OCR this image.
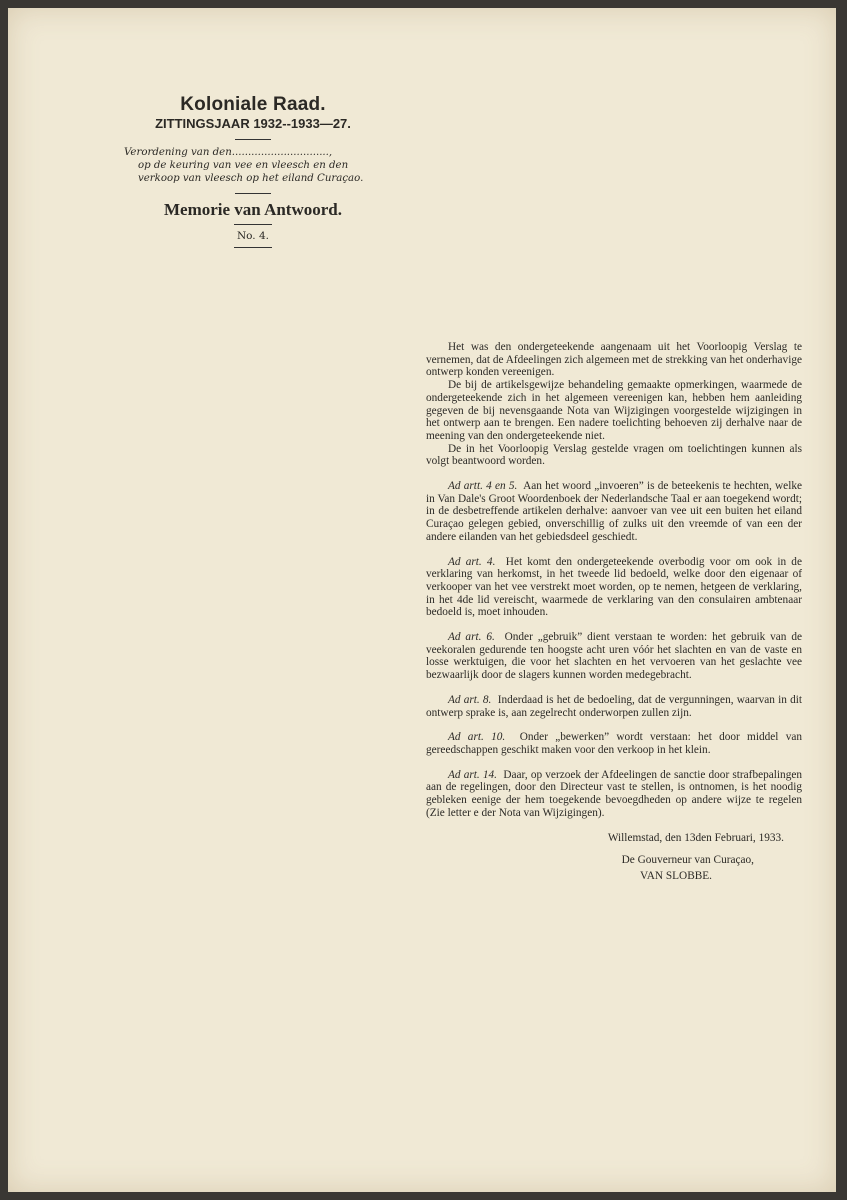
Koloniale Raad.
ZITTINGSJAAR 1932--1933—27.
Verordening van den..............................,
op de keuring van vee en vleesch en den
verkoop van vleesch op het eiland Curaçao.
Memorie van Antwoord.
No. 4.

Het was den ondergeteekende aangenaam uit het Voorloopig Verslag te vernemen, dat de Afdeelingen zich algemeen met de strekking van het onderhavige ontwerp konden vereenigen.

De bij de artikelsgewijze behandeling gemaakte opmerkingen, waarmede de ondergeteekende zich in het algemeen vereenigen kan, hebben hem aanleiding gegeven de bij nevensgaande Nota van Wijzigingen voorgestelde wijzigingen in het ontwerp aan te brengen. Een nadere toelichting behoeven zij derhalve naar de meening van den ondergeteekende niet.

De in het Voorloopig Verslag gestelde vragen om toelichtingen kunnen als volgt beantwoord worden.

Ad artt. 4 en 5. Aan het woord „invoeren” is de beteekenis te hechten, welke in Van Dale's Groot Woordenboek der Nederlandsche Taal er aan toegekend wordt; in de desbetreffende artikelen derhalve: aanvoer van vee uit een buiten het eiland Curaçao gelegen gebied, onverschillig of zulks uit den vreemde of van een der andere eilanden van het gebiedsdeel geschiedt.

Ad art. 4. Het komt den ondergeteekende overbodig voor om ook in de verklaring van herkomst, in het tweede lid bedoeld, welke door den eigenaar of verkooper van het vee verstrekt moet worden, op te nemen, hetgeen de verklaring, in het 4de lid vereischt, waarmede de verklaring van den consulairen ambtenaar bedoeld is, moet inhouden.

Ad art. 6. Onder „gebruik” dient verstaan te worden: het gebruik van de veekoralen gedurende ten hoogste acht uren vóór het slachten en van de vaste en losse werktuigen, die voor het slachten en het vervoeren van het geslachte vee bezwaarlijk door de slagers kunnen worden medegebracht.

Ad art. 8. Inderdaad is het de bedoeling, dat de vergunningen, waarvan in dit ontwerp sprake is, aan zegelrecht onderworpen zullen zijn.

Ad art. 10. Onder „bewerken” wordt verstaan: het door middel van gereedschappen geschikt maken voor den verkoop in het klein.

Ad art. 14. Daar, op verzoek der Afdeelingen de sanctie door strafbepalingen aan de regelingen, door den Directeur vast te stellen, is ontnomen, is het noodig gebleken eenige der hem toegekende bevoegdheden op andere wijze te regelen (Zie letter e der Nota van Wijzigingen).

Willemstad, den 13den Februari, 1933.
De Gouverneur van Curaçao,
VAN SLOBBE.
